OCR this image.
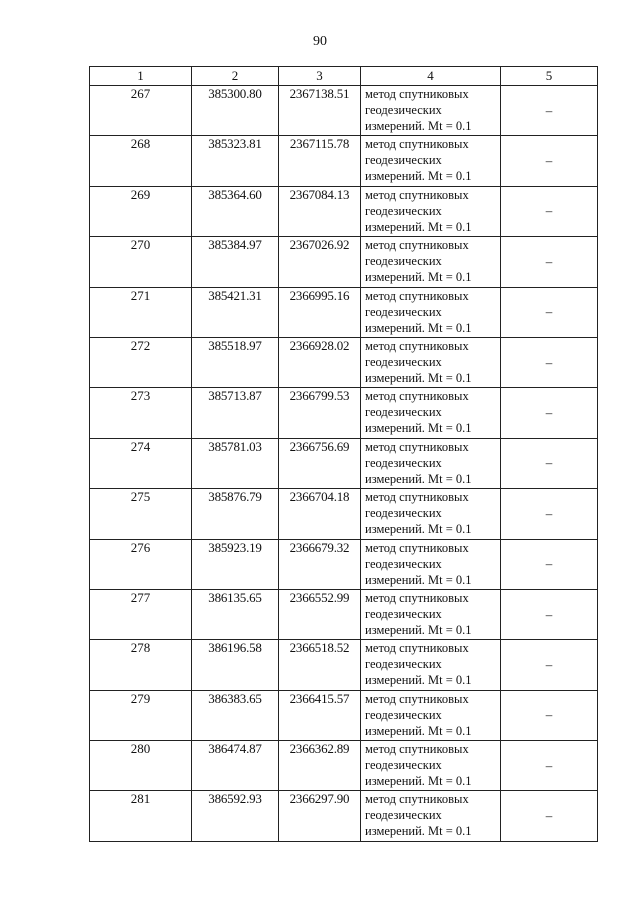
90
1	2	3	4	5
267	385300.80	2367138.51	метод спутниковых
геодезических
измерений. Mt = 0.1	–
268	385323.81	2367115.78	метод спутниковых
геодезических
измерений. Mt = 0.1	–
269	385364.60	2367084.13	метод спутниковых
геодезических
измерений. Mt = 0.1	–
270	385384.97	2367026.92	метод спутниковых
геодезических
измерений. Mt = 0.1	–
271	385421.31	2366995.16	метод спутниковых
геодезических
измерений. Mt = 0.1	–
272	385518.97	2366928.02	метод спутниковых
геодезических
измерений. Mt = 0.1	–
273	385713.87	2366799.53	метод спутниковых
геодезических
измерений. Mt = 0.1	–
274	385781.03	2366756.69	метод спутниковых
геодезических
измерений. Mt = 0.1	–
275	385876.79	2366704.18	метод спутниковых
геодезических
измерений. Mt = 0.1	–
276	385923.19	2366679.32	метод спутниковых
геодезических
измерений. Mt = 0.1	–
277	386135.65	2366552.99	метод спутниковых
геодезических
измерений. Mt = 0.1	–
278	386196.58	2366518.52	метод спутниковых
геодезических
измерений. Mt = 0.1	–
279	386383.65	2366415.57	метод спутниковых
геодезических
измерений. Mt = 0.1	–
280	386474.87	2366362.89	метод спутниковых
геодезических
измерений. Mt = 0.1	–
281	386592.93	2366297.90	метод спутниковых
геодезических
измерений. Mt = 0.1	–
